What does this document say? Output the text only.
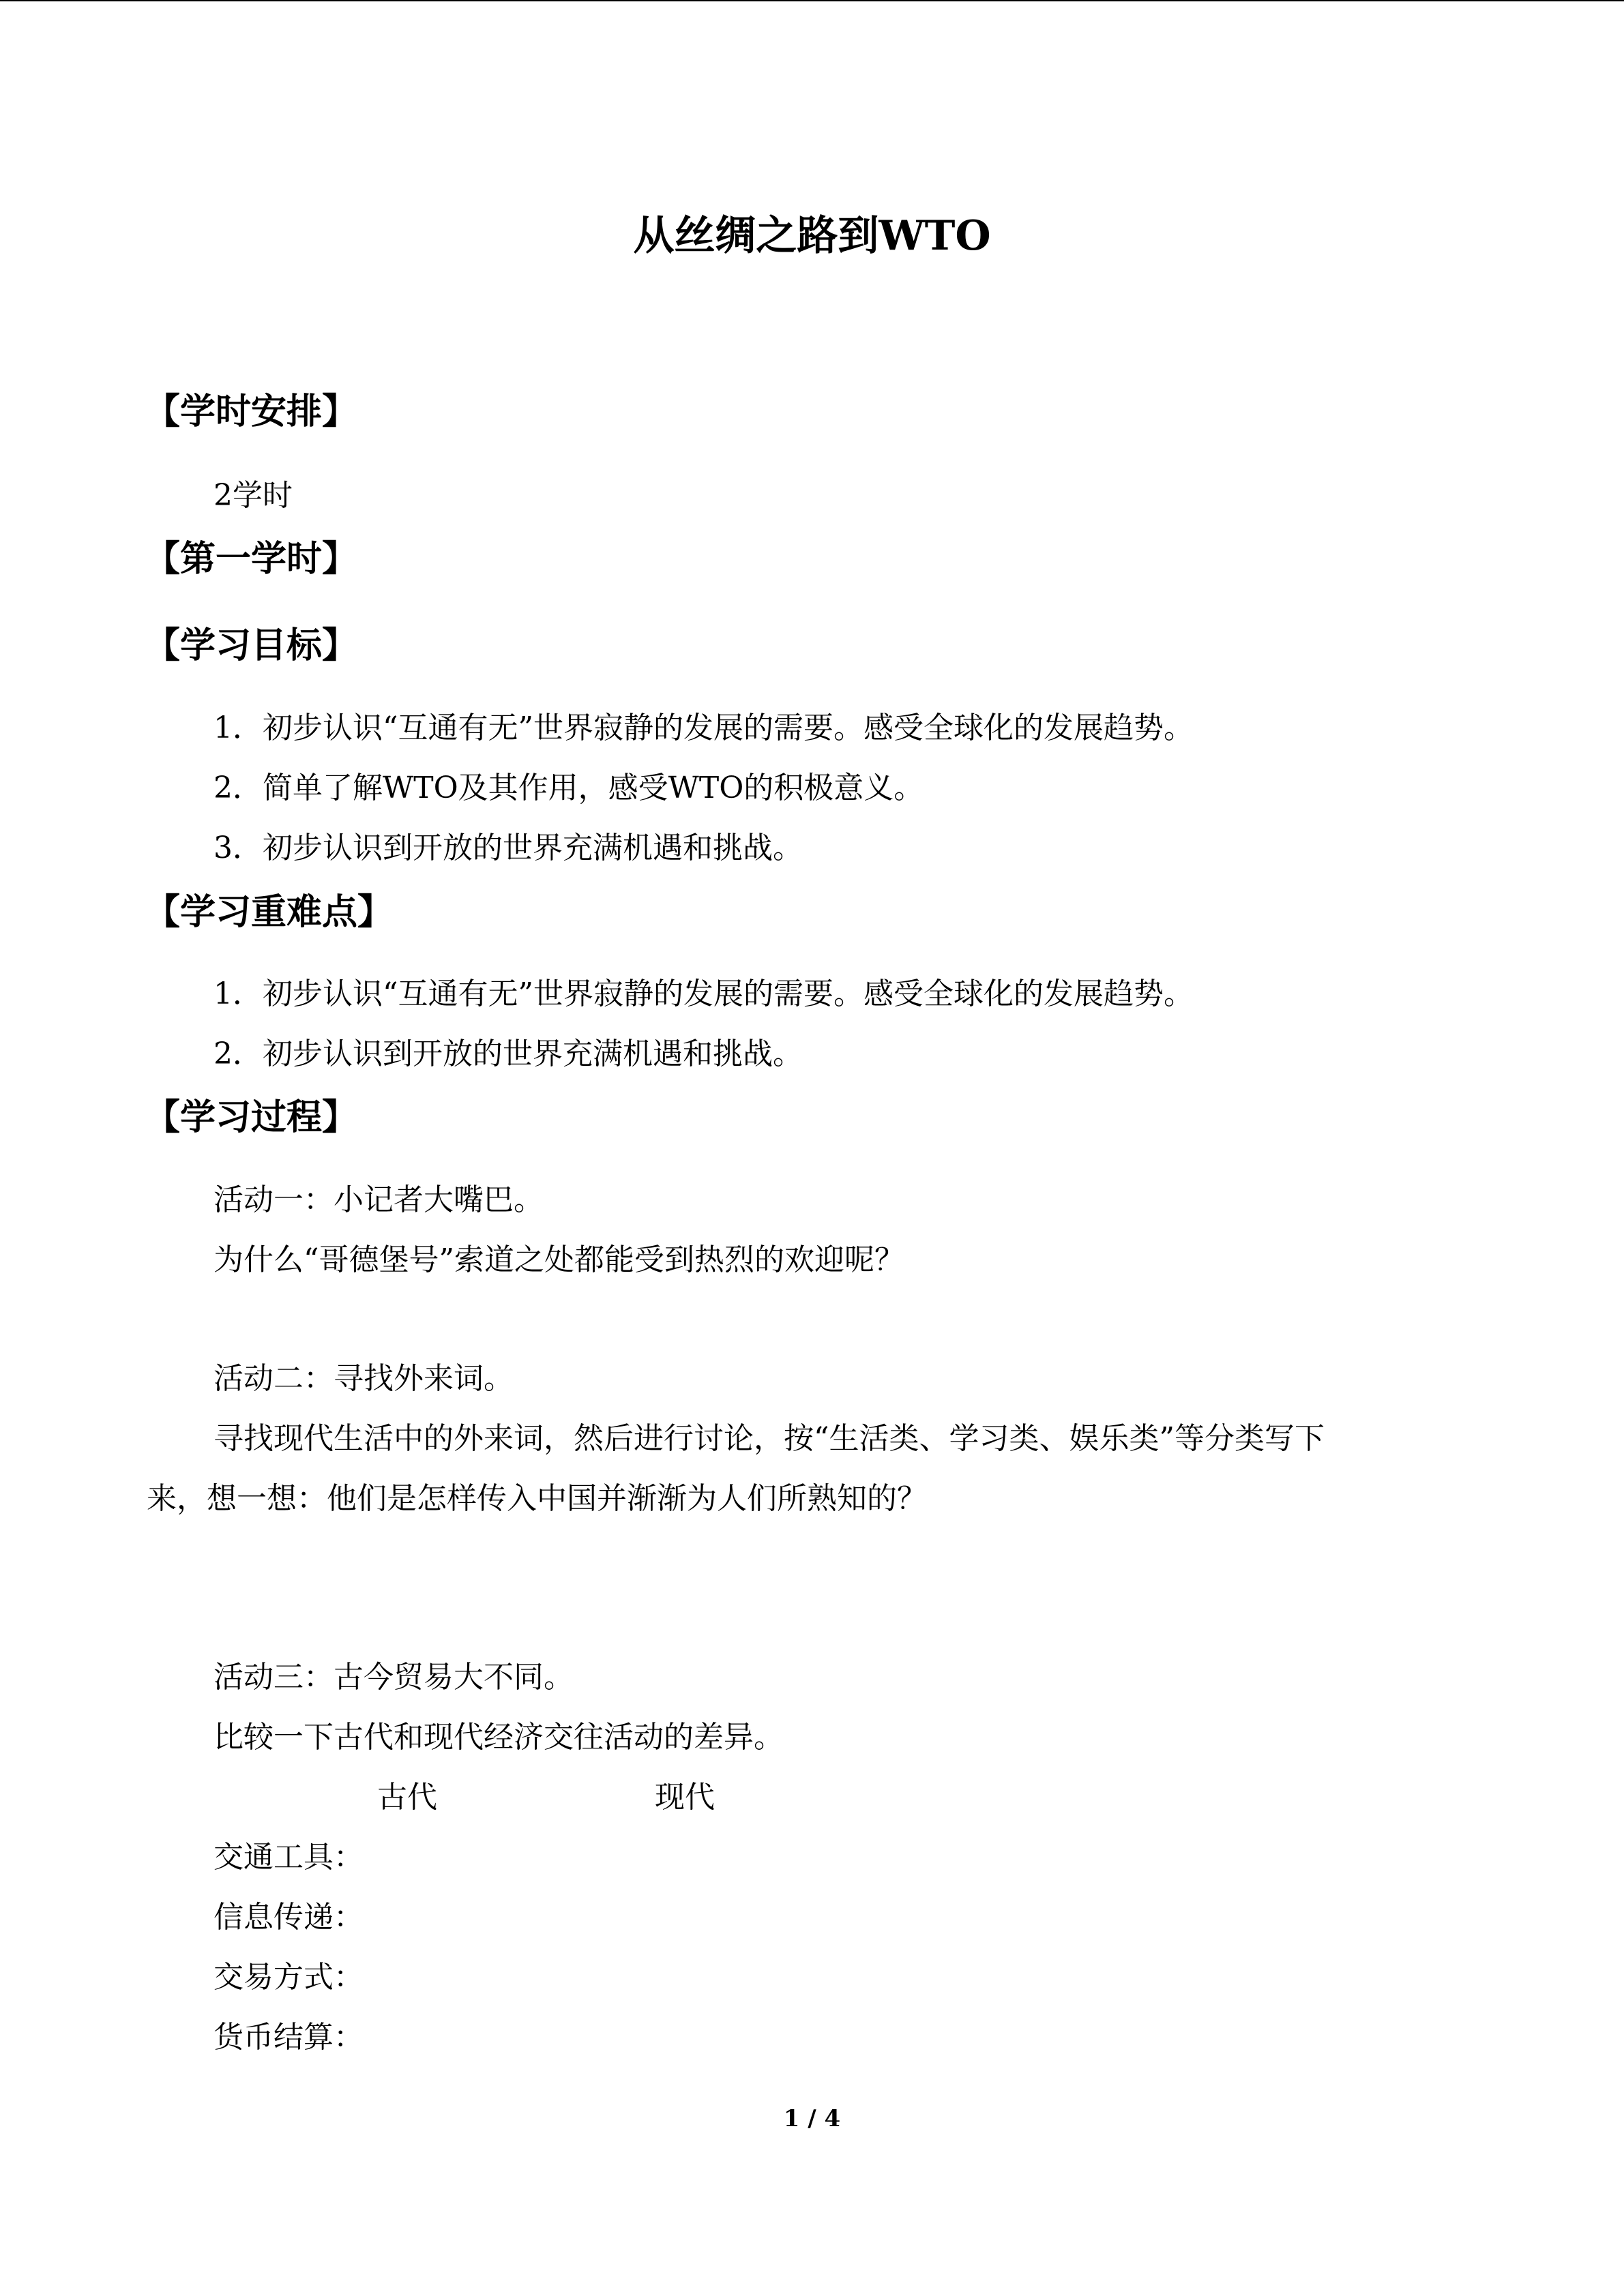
从丝绸之路到WTO
【学时安排】
2学时
【第一学时】
【学习目标】
1．初步认识“互通有无”世界寂静的发展的需要。感受全球化的发展趋势。
2．简单了解WTO及其作用，感受WTO的积极意义。
3．初步认识到开放的世界充满机遇和挑战。
【学习重难点】
1．初步认识“互通有无”世界寂静的发展的需要。感受全球化的发展趋势。
2．初步认识到开放的世界充满机遇和挑战。
【学习过程】
活动一：小记者大嘴巴。
为什么“哥德堡号”索道之处都能受到热烈的欢迎呢？
活动二：寻找外来词。
寻找现代生活中的外来词，然后进行讨论，按“生活类、学习类、娱乐类”等分类写下
来，想一想：他们是怎样传入中国并渐渐为人们所熟知的？
活动三：古今贸易大不同。
比较一下古代和现代经济交往活动的差异。
古代	现代
交通工具：
信息传递：
交易方式：
货币结算：
1 / 4
